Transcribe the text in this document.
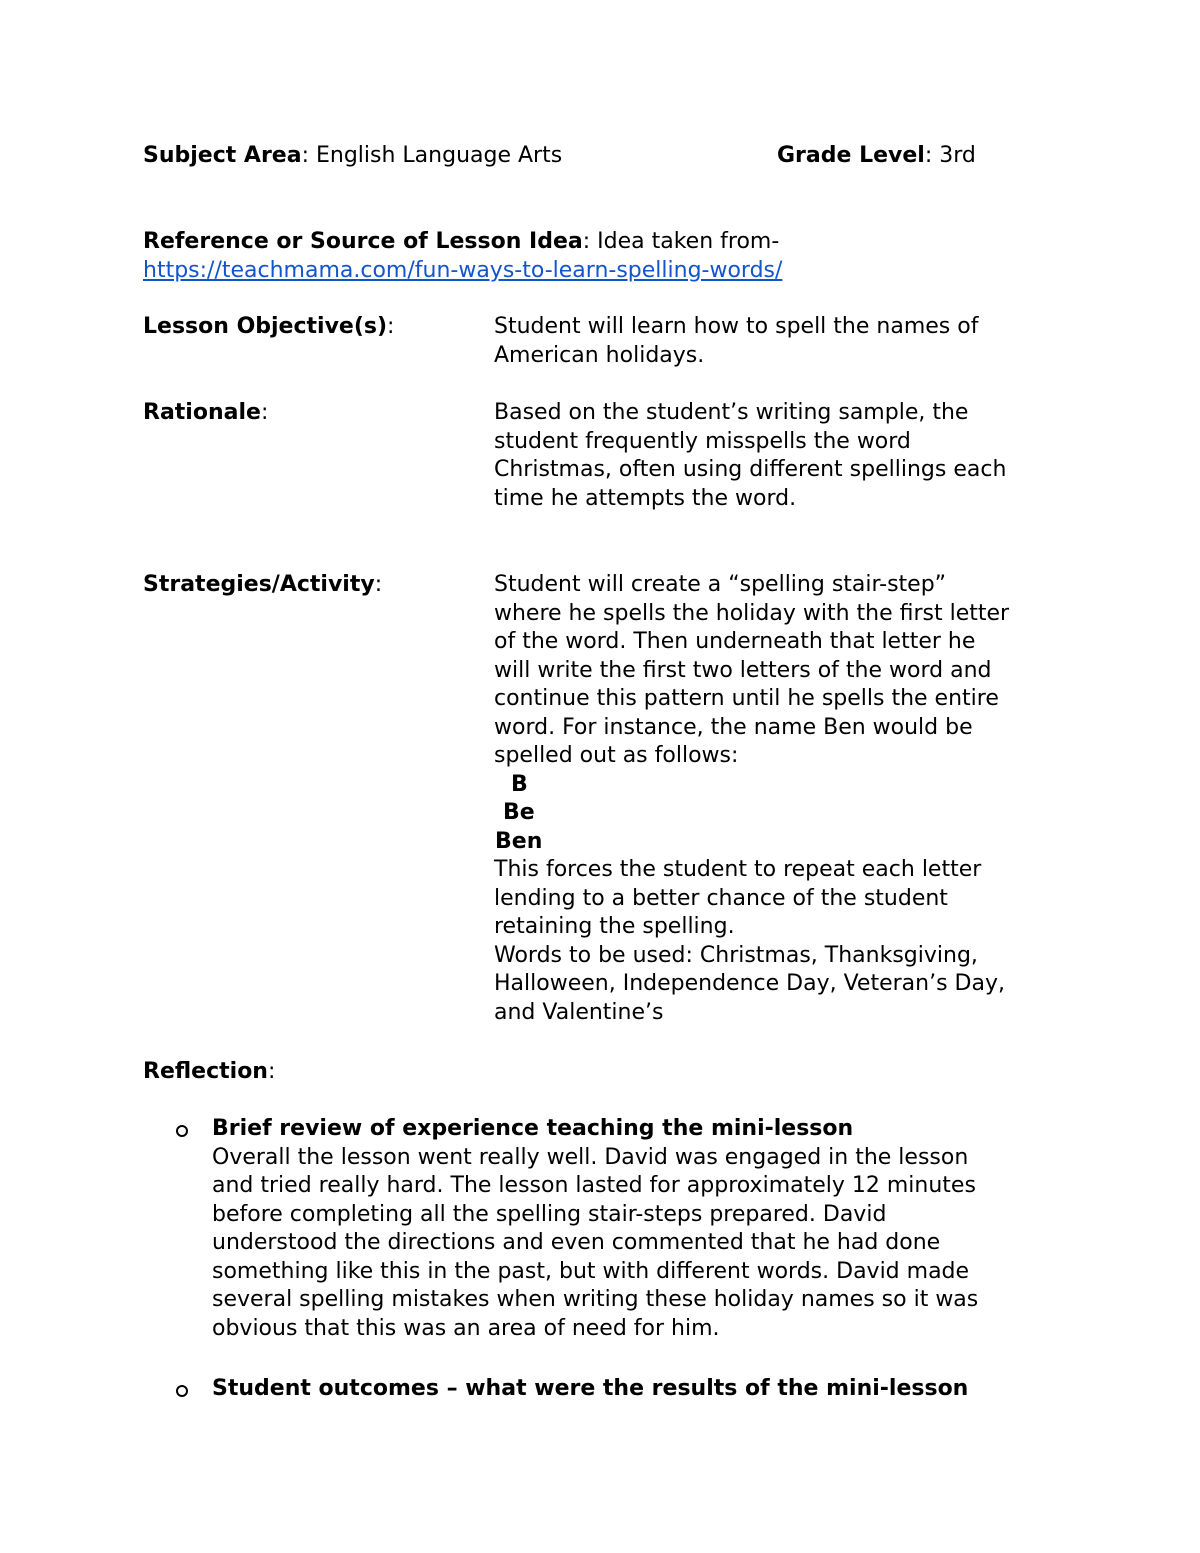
Subject Area: English Language Arts	Grade Level: 3rd
Reference or Source of Lesson Idea: Idea taken from-
https://teachmama.com/fun-ways-to-learn-spelling-words/
Lesson Objective(s):	Student will learn how to spell the names of
American holidays.
Rationale:	Based on the student’s writing sample, the
student frequently misspells the word
Christmas, often using different spellings each
time he attempts the word.
Strategies/Activity:	Student will create a “spelling stair-step”
where he spells the holiday with the first letter
of the word. Then underneath that letter he
will write the first two letters of the word and
continue this pattern until he spells the entire
word. For instance, the name Ben would be
spelled out as follows:
B
Be
Ben
This forces the student to repeat each letter
lending to a better chance of the student
retaining the spelling.
Words to be used: Christmas, Thanksgiving,
Halloween, Independence Day, Veteran’s Day,
and Valentine’s
Reflection:
Brief review of experience teaching the mini-lesson
Overall the lesson went really well. David was engaged in the lesson
and tried really hard. The lesson lasted for approximately 12 minutes
before completing all the spelling stair-steps prepared. David
understood the directions and even commented that he had done
something like this in the past, but with different words. David made
several spelling mistakes when writing these holiday names so it was
obvious that this was an area of need for him.
Student outcomes – what were the results of the mini-lesson
